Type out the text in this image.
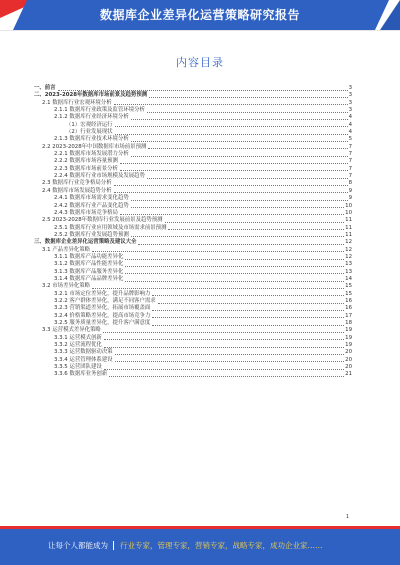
数据库企业差异化运营策略研究报告
内容目录
一、前言	3
二、2023-2028年数据库市场前景及趋势预测	3
2.1 数据库行业宏观环境分析	3
2.1.1 数据库行业政策及监管环境分析	3
2.1.2 数据库行业经济环境分析	4
（1）宏观经济运行	4
（2）行业发展现状	4
2.1.3 数据库行业技术环境分析	5
2.2 2023-2028年中国数据库市场前景预测	7
2.2.1 数据库市场发展潜力分析	7
2.2.2 数据库市场容量预测	7
2.2.3 数据库市场前景分析	7
2.2.4 数据库行业市场规模及发展趋势	7
2.3 数据库行业竞争格局分析	8
2.4 数据库市场发展趋势分析	9
2.4.1 数据库市场需求变化趋势	9
2.4.2 数据库行业产品变化趋势	10
2.4.3 数据库市场竞争格局	10
2.5 2023-2028年数据库行业发展前景及趋势预测	11
2.5.1 数据库行业应用领域及市场需求前景预测	11
2.5.2 数据库行业发展趋势预测	11
三、数据库企业差异化运营策略及建议大全	12
3.1 产品差异化策略	12
3.1.1 数据库产品功能差异化	12
3.1.2 数据库产品性能差异化	13
3.1.3 数据库产品服务差异化	13
3.1.4 数据库产品品牌差异化	14
3.2 市场差异化策略	15
3.2.1 市场定位差异化，提升品牌影响力	15
3.2.2 客户群体差异化，满足不同客户需求	16
3.2.3 营销渠道差异化，拓展市场覆盖面	16
3.2.4 价格策略差异化，提高市场竞争力	17
3.2.5 服务质量差异化，提升客户满意度	18
3.3 运营模式差异化策略	19
3.3.1 运营模式创新	19
3.3.2 运营流程优化	19
3.3.3 运营数据驱动决策	20
3.3.4 运营管理体系建设	20
3.3.5 运营团队建设	20
3.3.6 数据库业务创新	21
1
让每个人都能成为 行业专家，管理专家，营销专家，战略专家，成功企业家……
